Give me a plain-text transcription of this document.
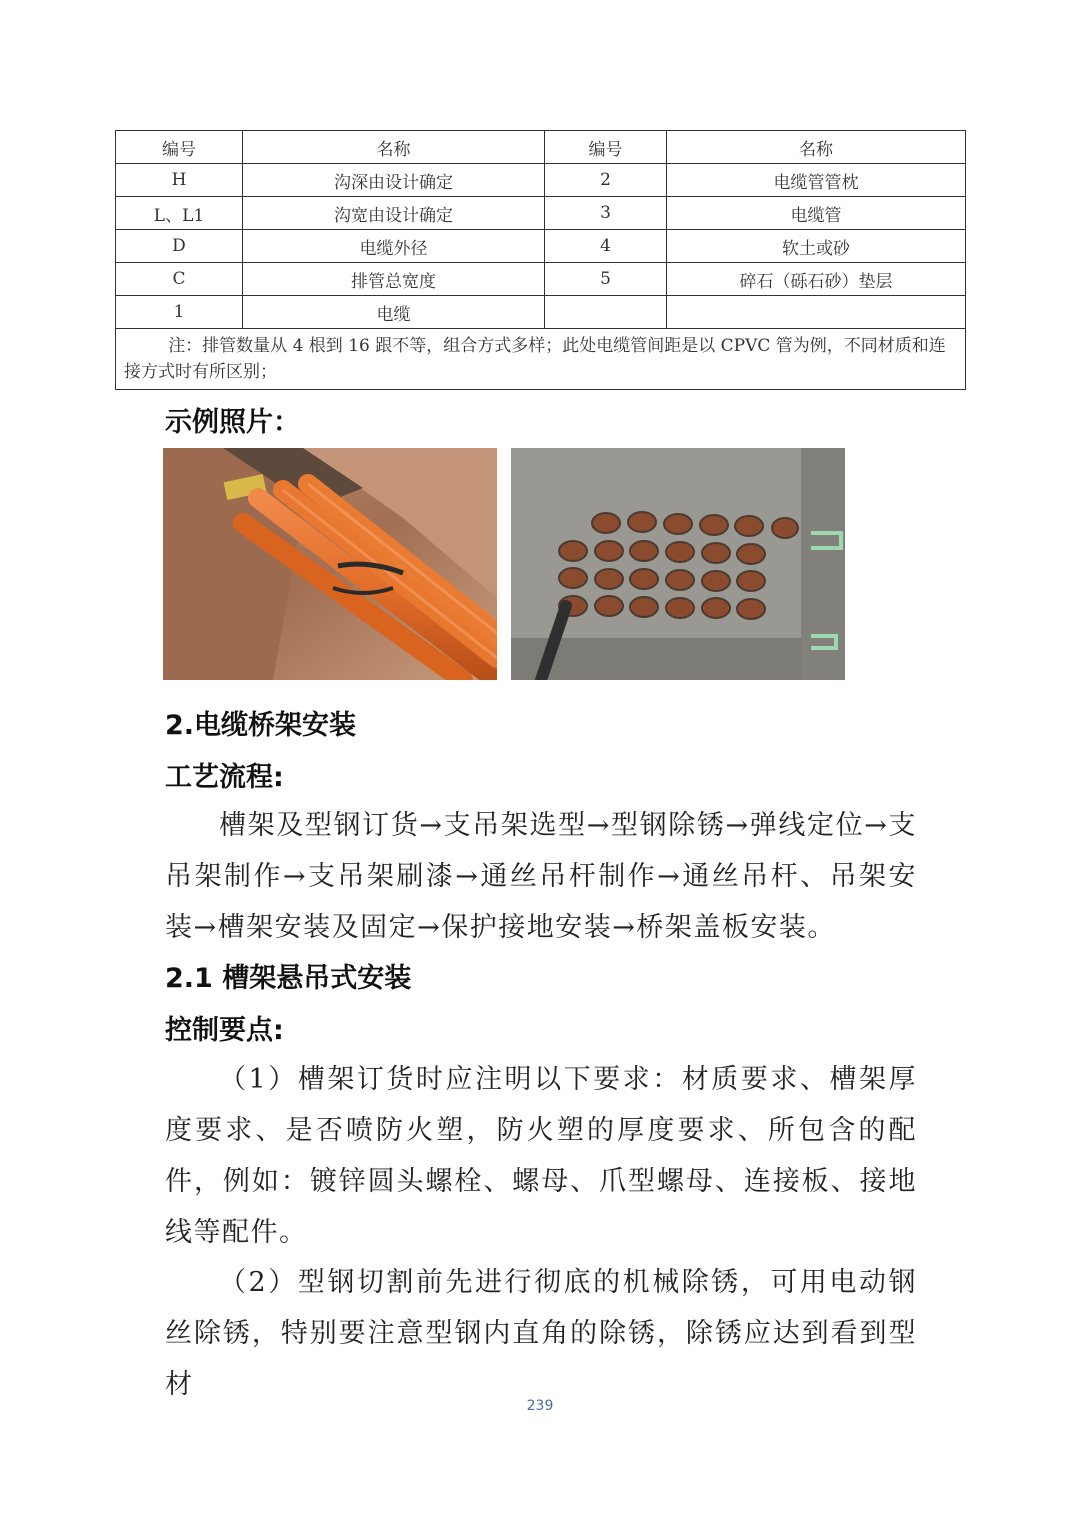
编号	名称	编号	名称
H	沟深由设计确定	2	电缆管管枕
L、L1	沟宽由设计确定	3	电缆管
D	电缆外径	4	软土或砂
C	排管总宽度	5	碎石（砾石砂）垫层
1	电缆		
注：排管数量从 4 根到 16 跟不等，组合方式多样；此处电缆管间距是以 CPVC 管为例，不同材质和连接方式时有所区别；			
示例照片：
2.电缆桥架安装
工艺流程:

槽架及型钢订货→支吊架选型→型钢除锈→弹线定位→支吊架制作→支吊架刷漆→通丝吊杆制作→通丝吊杆、吊架安装→槽架安装及固定→保护接地安装→桥架盖板安装。

2.1 槽架悬吊式安装
控制要点:

（1）槽架订货时应注明以下要求：材质要求、槽架厚度要求、是否喷防火塑，防火塑的厚度要求、所包含的配件，例如：镀锌圆头螺栓、螺母、爪型螺母、连接板、接地线等配件。

（2）型钢切割前先进行彻底的机械除锈，可用电动钢丝除锈，特别要注意型钢内直角的除锈，除锈应达到看到型材

239
